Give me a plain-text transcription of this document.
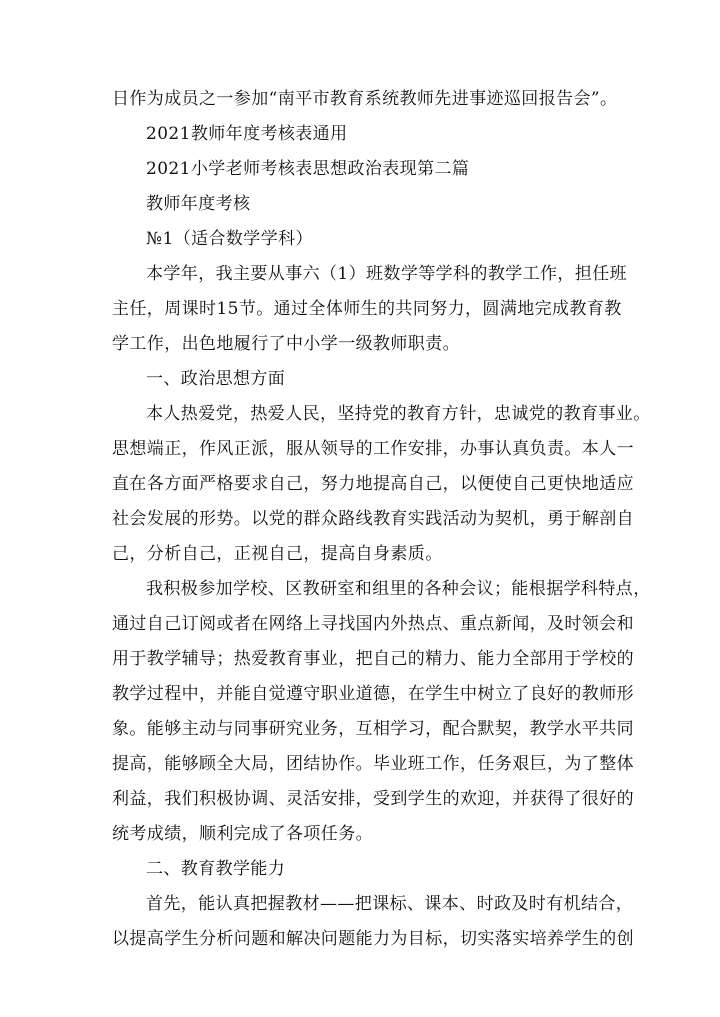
日作为成员之一参加“南平市教育系统教师先进事迹巡回报告会”。
2021教师年度考核表通用
2021小学老师考核表思想政治表现第二篇
教师年度考核
№1（适合数学学科）
本学年，我主要从事六（1）班数学等学科的教学工作，担任班
主任，周课时15节。通过全体师生的共同努力，圆满地完成教育教
学工作，出色地履行了中小学一级教师职责。
一、政治思想方面
本人热爱党，热爱人民，坚持党的教育方针，忠诚党的教育事业。
思想端正，作风正派，服从领导的工作安排，办事认真负责。本人一
直在各方面严格要求自己，努力地提高自己，以便使自己更快地适应
社会发展的形势。以党的群众路线教育实践活动为契机，勇于解剖自
己，分析自己，正视自己，提高自身素质。
我积极参加学校、区教研室和组里的各种会议；能根据学科特点，
通过自己订阅或者在网络上寻找国内外热点、重点新闻，及时领会和
用于教学辅导；热爱教育事业，把自己的精力、能力全部用于学校的
教学过程中，并能自觉遵守职业道德，在学生中树立了良好的教师形
象。能够主动与同事研究业务，互相学习，配合默契，教学水平共同
提高，能够顾全大局，团结协作。毕业班工作，任务艰巨，为了整体
利益，我们积极协调、灵活安排，受到学生的欢迎，并获得了很好的
统考成绩，顺利完成了各项任务。
二、教育教学能力
首先，能认真把握教材——把课标、课本、时政及时有机结合，
以提高学生分析问题和解决问题能力为目标，切实落实培养学生的创
